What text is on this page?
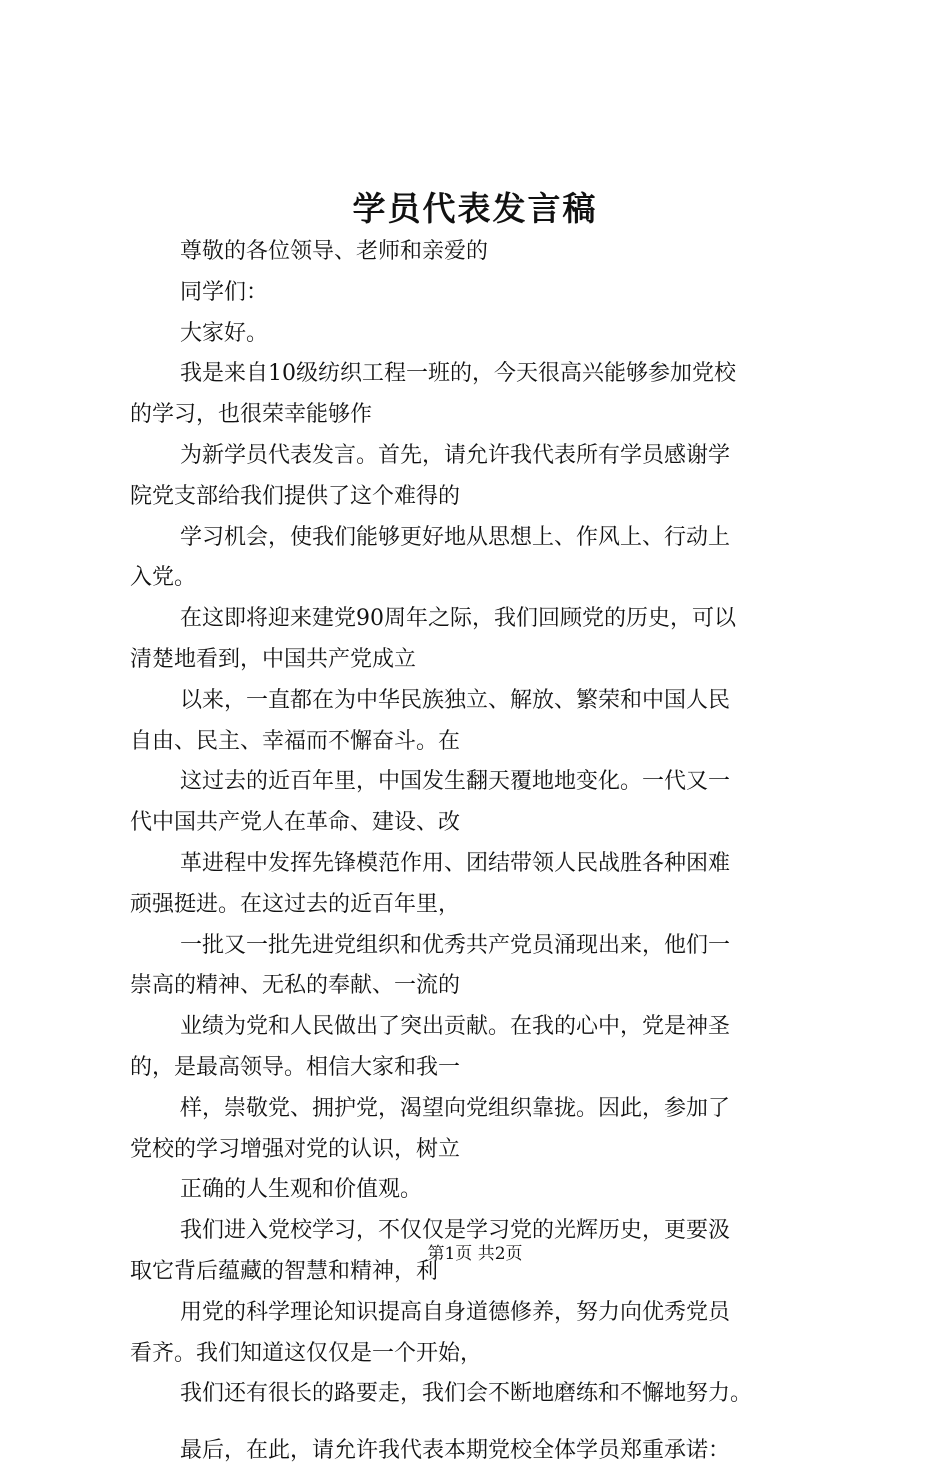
学员代表发言稿
尊敬的各位领导、老师和亲爱的
同学们：
大家好。
我是来自10级纺织工程一班的，今天很高兴能够参加党校
的学习，也很荣幸能够作
为新学员代表发言。首先，请允许我代表所有学员感谢学
院党支部给我们提供了这个难得的
学习机会，使我们能够更好地从思想上、作风上、行动上
入党。
在这即将迎来建党90周年之际，我们回顾党的历史，可以
清楚地看到，中国共产党成立
以来，一直都在为中华民族独立、解放、繁荣和中国人民
自由、民主、幸福而不懈奋斗。在
这过去的近百年里，中国发生翻天覆地地变化。一代又一
代中国共产党人在革命、建设、改
革进程中发挥先锋模范作用、团结带领人民战胜各种困难
顽强挺进。在这过去的近百年里，
一批又一批先进党组织和优秀共产党员涌现出来，他们一
崇高的精神、无私的奉献、一流的
业绩为党和人民做出了突出贡献。在我的心中，党是神圣
的，是最高领导。相信大家和我一
样，崇敬党、拥护党，渴望向党组织靠拢。因此，参加了
党校的学习增强对党的认识，树立
正确的人生观和价值观。
我们进入党校学习，不仅仅是学习党的光辉历史，更要汲
取它背后蕴藏的智慧和精神，利
用党的科学理论知识提高自身道德修养，努力向优秀党员
看齐。我们知道这仅仅是一个开始，
我们还有很长的路要走，我们会不断地磨练和不懈地努力。
最后，在此，请允许我代表本期党校全体学员郑重承诺：
第1页 共2页
